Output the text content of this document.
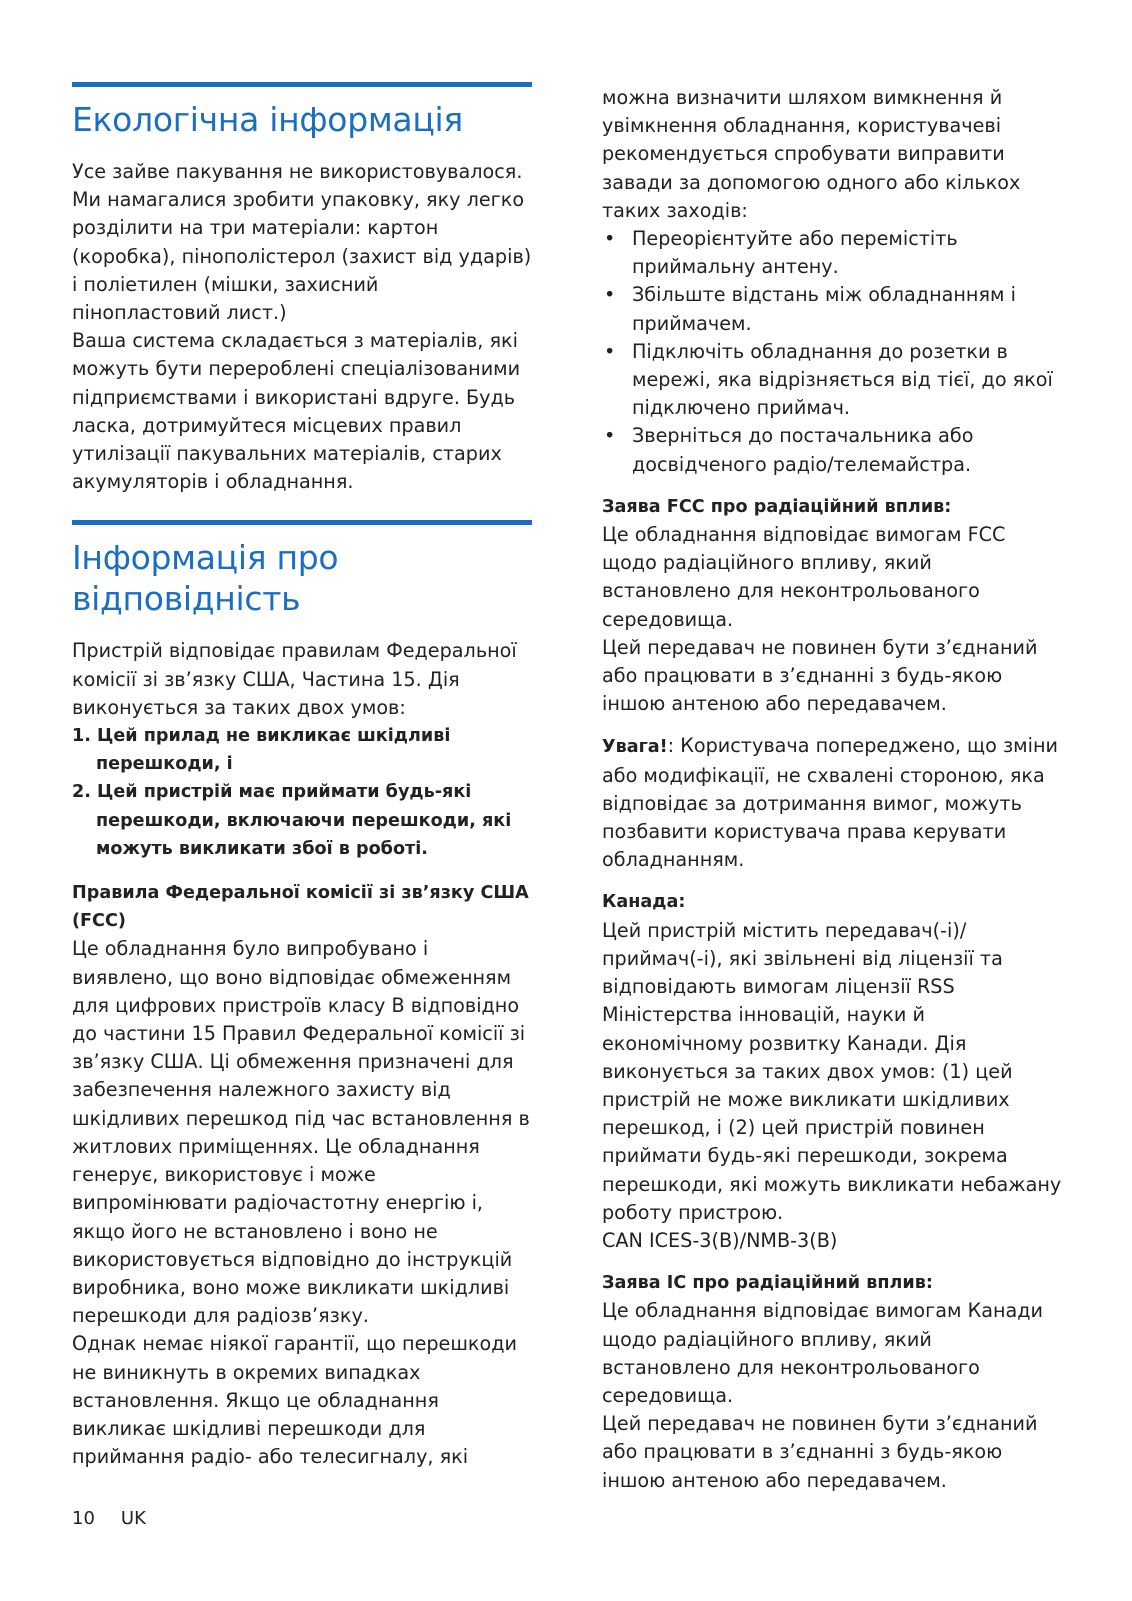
Екологічна інформація

Усе зайве пакування не використовувалося. Ми намагалися зробити упаковку, яку легко розділити на три матеріали: картон (коробка), пінополістерол (захист від ударів) і поліетилен (мішки, захисний пінопластовий лист.)

Ваша система складається з матеріалів, які можуть бути перероблені спеціалізованими підприємствами і використані вдруге. Будь ласка, дотримуйтеся місцевих правил утилізації пакувальних матеріалів, старих акумуляторів і обладнання.

Інформація про відповідність

Пристрій відповідає правилам Федеральної комісії зі зв’язку США, Частина 15. Дія виконується за таких двох умов:

1. Цей прилад не викликає шкідливі перешкоди, і
2. Цей пристрій має приймати будь-які перешкоди, включаючи перешкоди, які можуть викликати збої в роботі.

Правила Федеральної комісії зі зв’язку США (FCC)

Це обладнання було випробувано і виявлено, що воно відповідає обмеженням для цифрових пристроїв класу B відповідно до частини 15 Правил Федеральної комісії зі зв’язку США. Ці обмеження призначені для забезпечення належного захисту від шкідливих перешкод під час встановлення в житлових приміщеннях. Це обладнання генерує, використовує і може випромінювати радіочастотну енергію і, якщо його не встановлено і воно не використовується відповідно до інструкцій виробника, воно може викликати шкідливі перешкоди для радіозв’язку.

Однак немає ніякої гарантії, що перешкоди не виникнуть в окремих випадках встановлення. Якщо це обладнання викликає шкідливі перешкоди для приймання радіо- або телесигналу, які

можна визначити шляхом вимкнення й увімкнення обладнання, користувачеві рекомендується спробувати виправити завади за допомогою одного або кількох таких заходів:

• Переорієнтуйте або перемістіть приймальну антену.
• Збільште відстань між обладнанням і приймачем.
• Підключіть обладнання до розетки в мережі, яка відрізняється від тієї, до якої підключено приймач.
• Зверніться до постачальника або досвідченого радіо/телемайстра.

Заява FCC про радіаційний вплив:

Це обладнання відповідає вимогам FCC щодо радіаційного впливу, який встановлено для неконтрольованого середовища.

Цей передавач не повинен бути з’єднаний або працювати в з’єднанні з будь-якою іншою антеною або передавачем.

Увага!: Користувача попереджено, що зміни або модифікації, не схвалені стороною, яка відповідає за дотримання вимог, можуть позбавити користувача права керувати обладнанням.

Канада:

Цей пристрій містить передавач(-і)/приймач(-і), які звільнені від ліцензії та відповідають вимогам ліцензії RSS Міністерства інновацій, науки й економічному розвитку Канади. Дія виконується за таких двох умов: (1) цей пристрій не може викликати шкідливих перешкод, і (2) цей пристрій повинен приймати будь-які перешкоди, зокрема перешкоди, які можуть викликати небажану роботу пристрою.

CAN ICES-3(B)/NMB-3(B)

Заява IC про радіаційний вплив:

Це обладнання відповідає вимогам Канади щодо радіаційного впливу, який встановлено для неконтрольованого середовища.

Цей передавач не повинен бути з’єднаний або працювати в з’єднанні з будь-якою іншою антеною або передавачем.

10 UK
